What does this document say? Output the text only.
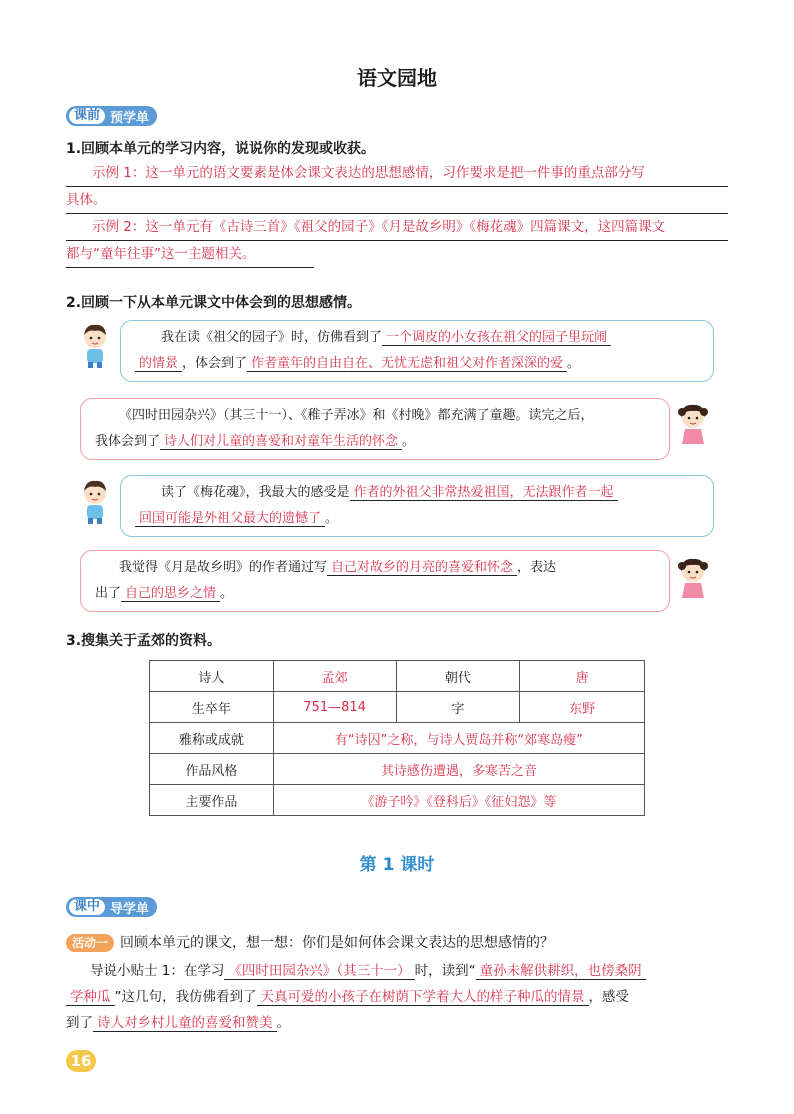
语文园地
课前 预学单
1.回顾本单元的学习内容，说说你的发现或收获。
示例 1：这一单元的语文要素是体会课文表达的思想感情，习作要求是把一件事的重点部分写
具体。
示例 2：这一单元有《古诗三首》《祖父的园子》《月是故乡明》《梅花魂》四篇课文，这四篇课文
都与“童年往事”这一主题相关。
2.回顾一下从本单元课文中体会到的思想感情。
我在读《祖父的园子》时，仿佛看到了 一个调皮的小女孩在祖父的园子里玩闹
的情景 ，体会到了 作者童年的自由自在、无忧无虑和祖父对作者深深的爱 。
《四时田园杂兴》（其三十一）、《稚子弄冰》和《村晚》都充满了童趣。读完之后，
我体会到了 诗人们对儿童的喜爱和对童年生活的怀念 。
读了《梅花魂》，我最大的感受是 作者的外祖父非常热爱祖国，无法跟作者一起
回国可能是外祖父最大的遗憾了 。
我觉得《月是故乡明》的作者通过写 自己对故乡的月亮的喜爱和怀念 ，表达
出了 自己的思乡之情 。
3.搜集关于孟郊的资料。
诗人	孟郊	朝代	唐
生卒年	751—814	字	东野
雅称或成就	有“诗囚”之称，与诗人贾岛并称“郊寒岛瘦”		
作品风格	其诗感伤遭遇，多寒苦之音		
主要作品	《游子吟》《登科后》《征妇怨》等		
第 1 课时
课中 导学单
活动一 回顾本单元的课文，想一想：你们是如何体会课文表达的思想感情的？
导说小贴士 1：在学习 《四时田园杂兴》（其三十一） 时，读到“ 童孙未解供耕织，也傍桑阴
学种瓜 ”这几句，我仿佛看到了 天真可爱的小孩子在树荫下学着大人的样子种瓜的情景 ，感受
到了 诗人对乡村儿童的喜爱和赞美 。
16
